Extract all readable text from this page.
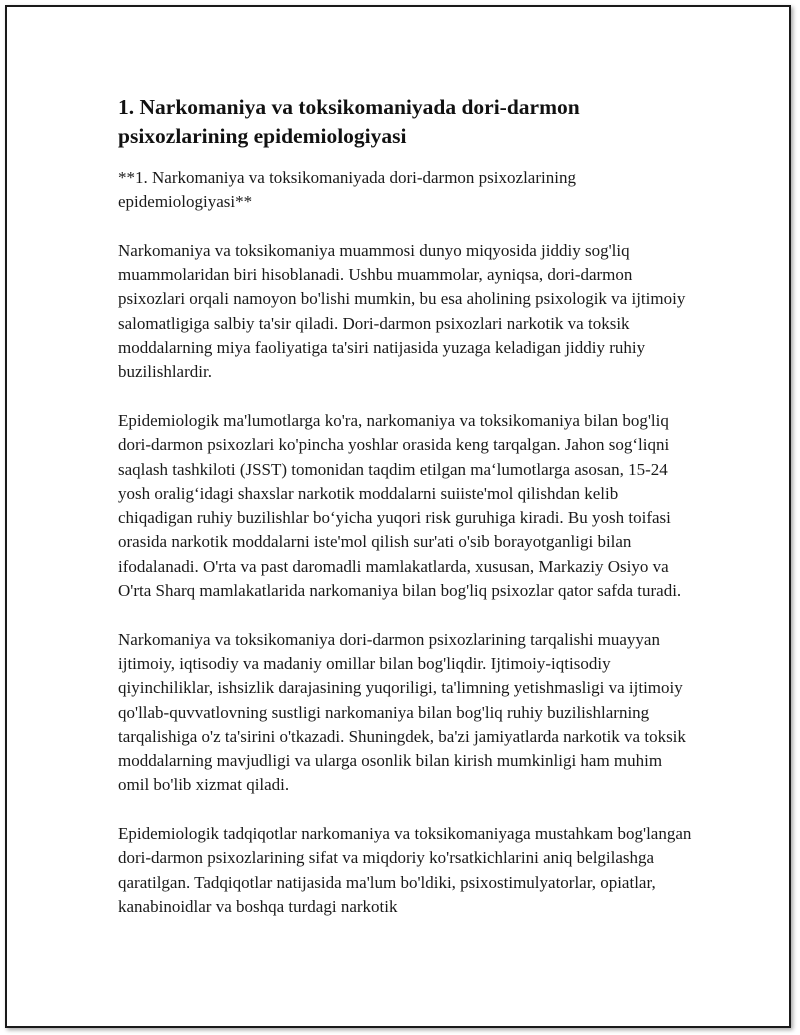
1. Narkomaniya va toksikomaniyada dori-darmon psixozlarining epidemiologiyasi

**1. Narkomaniya va toksikomaniyada dori-darmon psixozlarining epidemiologiyasi**

Narkomaniya va toksikomaniya muammosi dunyo miqyosida jiddiy sog'liq muammolaridan biri hisoblanadi. Ushbu muammolar, ayniqsa, dori-darmon psixozlari orqali namoyon bo'lishi mumkin, bu esa aholining psixologik va ijtimoiy salomatligiga salbiy ta'sir qiladi. Dori-darmon psixozlari narkotik va toksik moddalarning miya faoliyatiga ta'siri natijasida yuzaga keladigan jiddiy ruhiy buzilishlardir.

Epidemiologik ma'lumotlarga ko'ra, narkomaniya va toksikomaniya bilan bog'liq dori-darmon psixozlari ko'pincha yoshlar orasida keng tarqalgan. Jahon sog‘liqni saqlash tashkiloti (JSST) tomonidan taqdim etilgan ma‘lumotlarga asosan, 15-24 yosh oralig‘idagi shaxslar narkotik moddalarni suiiste'mol qilishdan kelib chiqadigan ruhiy buzilishlar bo‘yicha yuqori risk guruhiga kiradi. Bu yosh toifasi orasida narkotik moddalarni iste'mol qilish sur'ati o'sib borayotganligi bilan ifodalanadi. O'rta va past daromadli mamlakatlarda, xususan, Markaziy Osiyo va O'rta Sharq mamlakatlarida narkomaniya bilan bog'liq psixozlar qator safda turadi.

Narkomaniya va toksikomaniya dori-darmon psixozlarining tarqalishi muayyan ijtimoiy, iqtisodiy va madaniy omillar bilan bog'liqdir. Ijtimoiy-iqtisodiy qiyinchiliklar, ishsizlik darajasining yuqoriligi, ta'limning yetishmasligi va ijtimoiy qo'llab-quvvatlovning sustligi narkomaniya bilan bog'liq ruhiy buzilishlarning tarqalishiga o'z ta'sirini o'tkazadi. Shuningdek, ba'zi jamiyatlarda narkotik va toksik moddalarning mavjudligi va ularga osonlik bilan kirish mumkinligi ham muhim omil bo'lib xizmat qiladi.

Epidemiologik tadqiqotlar narkomaniya va toksikomaniyaga mustahkam bog'langan dori-darmon psixozlarining sifat va miqdoriy ko'rsatkichlarini aniq belgilashga qaratilgan. Tadqiqotlar natijasida ma'lum bo'ldiki, psixostimulyatorlar, opiatlar, kanabinoidlar va boshqa turdagi narkotik
